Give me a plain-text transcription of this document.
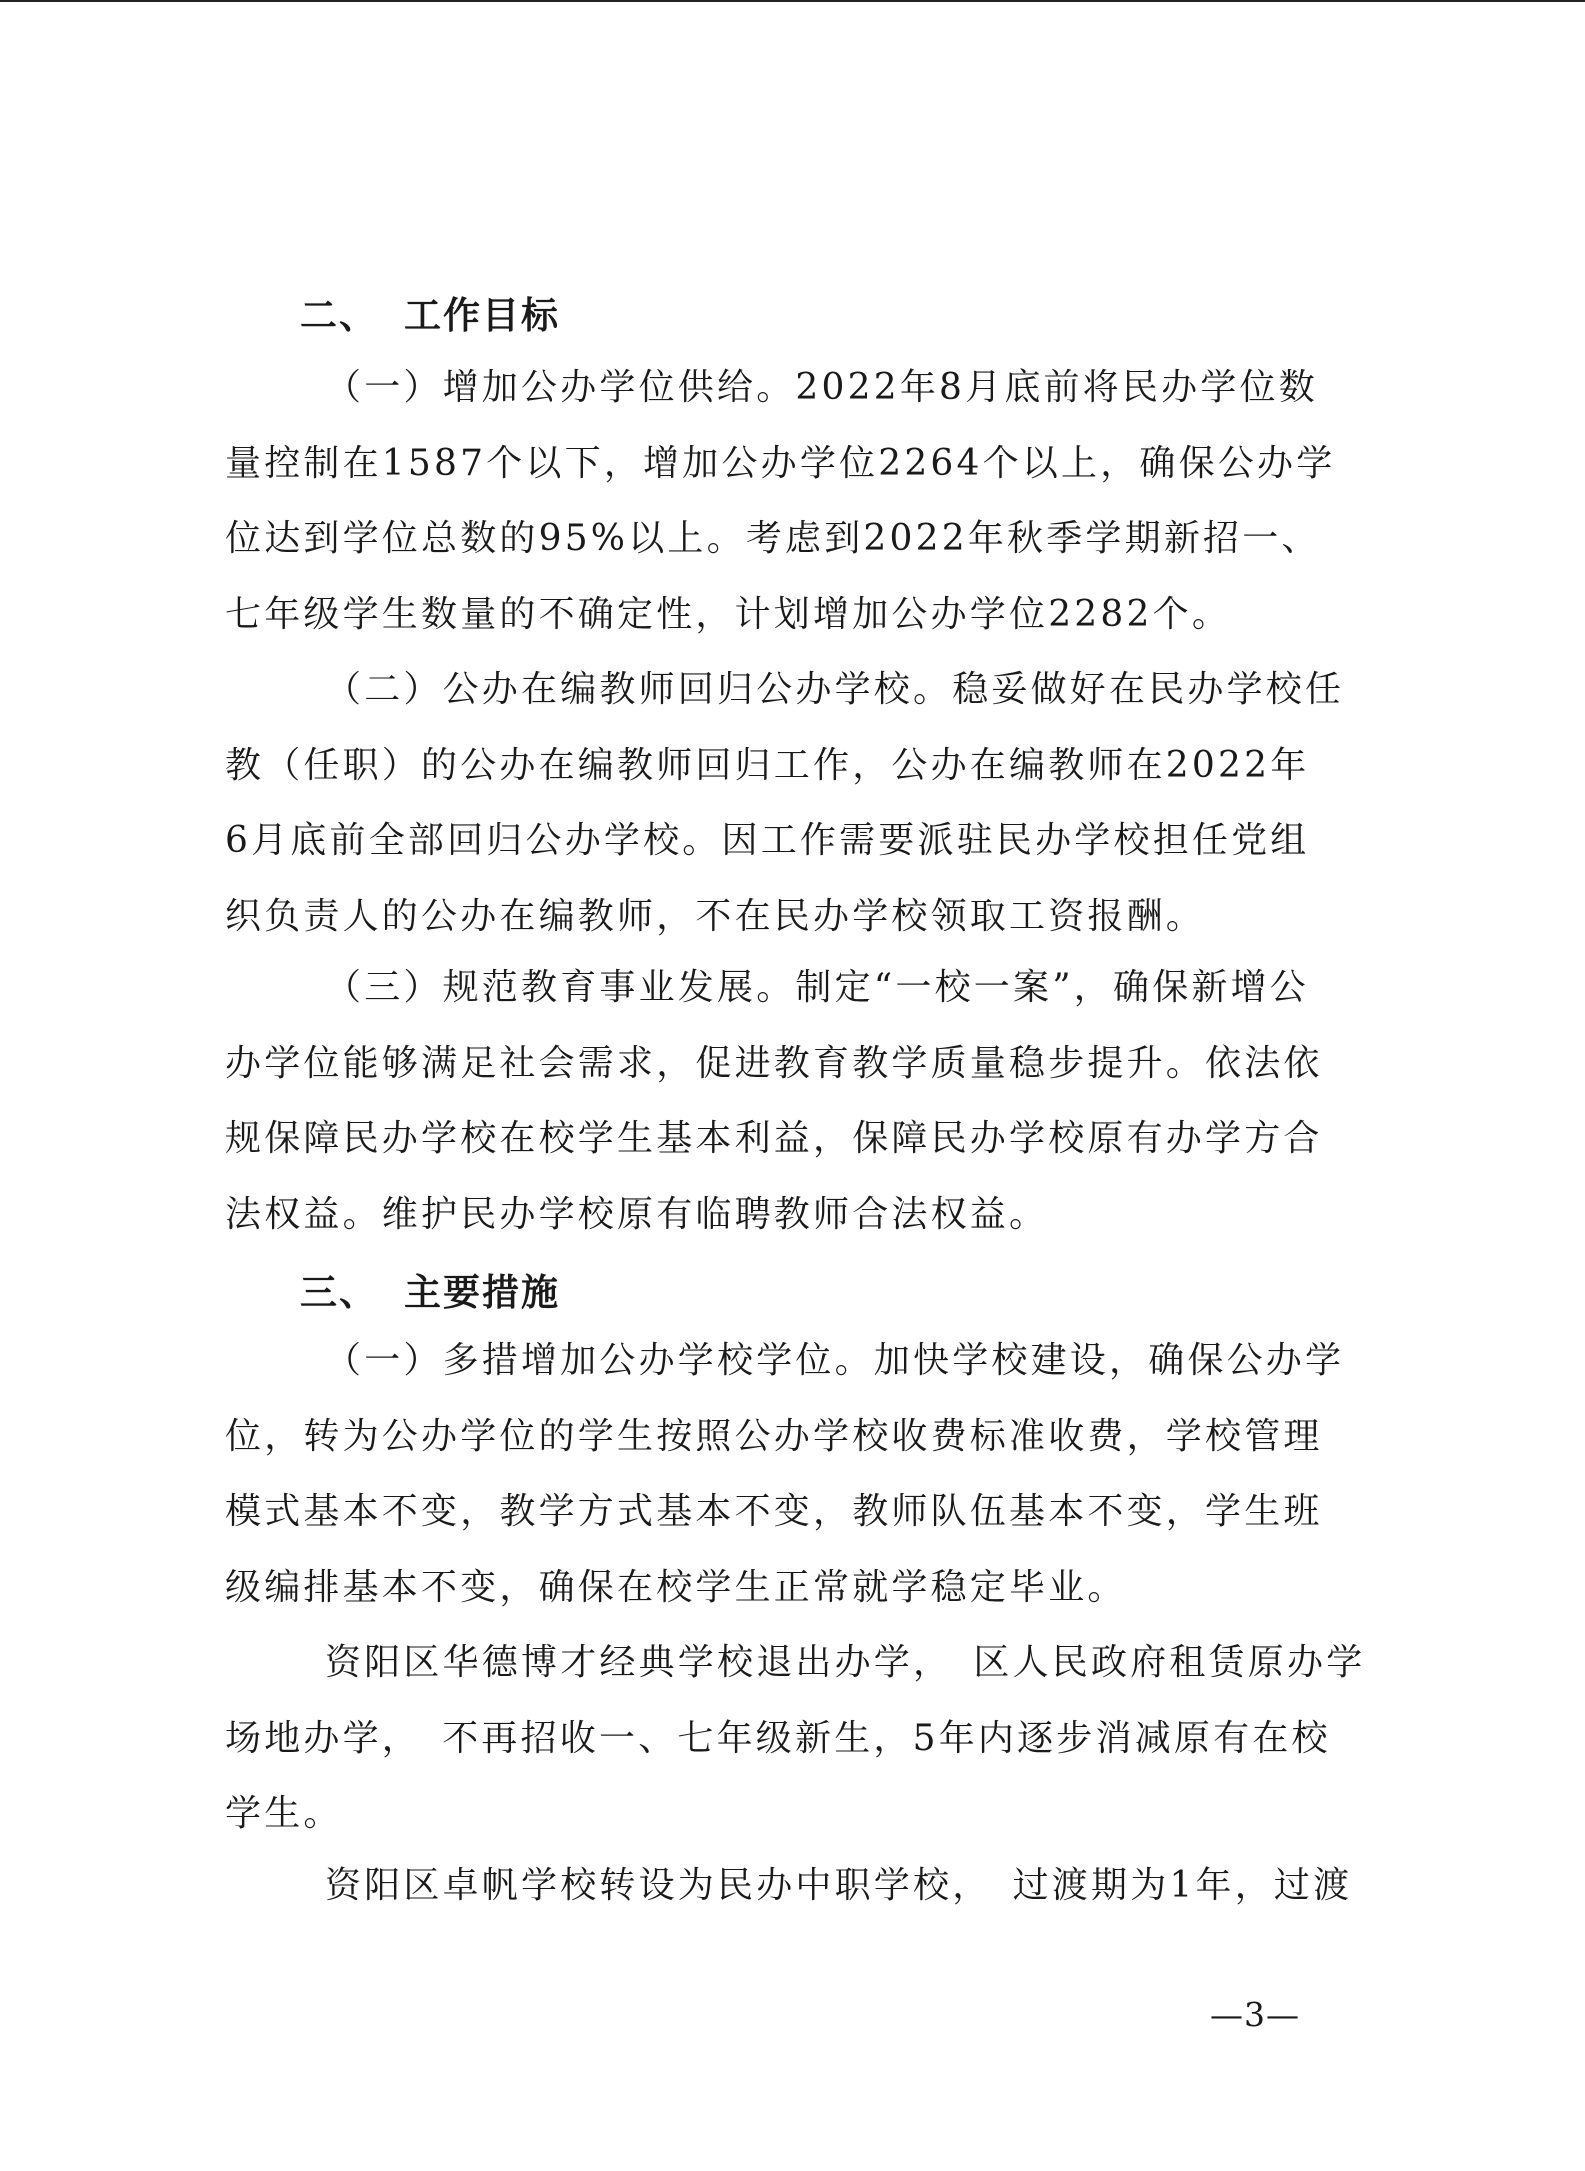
二、 工作目标
（一）增加公办学位供给。2022年8月底前将民办学位数
量控制在1587个以下，增加公办学位2264个以上，确保公办学
位达到学位总数的95%以上。考虑到2022年秋季学期新招一、
七年级学生数量的不确定性，计划增加公办学位2282个。
（二）公办在编教师回归公办学校。稳妥做好在民办学校任
教（任职）的公办在编教师回归工作，公办在编教师在2022年
6月底前全部回归公办学校。因工作需要派驻民办学校担任党组
织负责人的公办在编教师，不在民办学校领取工资报酬。
（三）规范教育事业发展。制定“一校一案”，确保新增公
办学位能够满足社会需求，促进教育教学质量稳步提升。依法依
规保障民办学校在校学生基本利益，保障民办学校原有办学方合
法权益。维护民办学校原有临聘教师合法权益。
三、 主要措施
（一）多措增加公办学校学位。加快学校建设，确保公办学
位，转为公办学位的学生按照公办学校收费标准收费，学校管理
模式基本不变，教学方式基本不变，教师队伍基本不变，学生班
级编排基本不变，确保在校学生正常就学稳定毕业。
资阳区华德博才经典学校退出办学，　区人民政府租赁原办学
场地办学，　不再招收一、七年级新生，5年内逐步消减原有在校
学生。
资阳区卓帆学校转设为民办中职学校，　过渡期为1年，过渡
—3—
